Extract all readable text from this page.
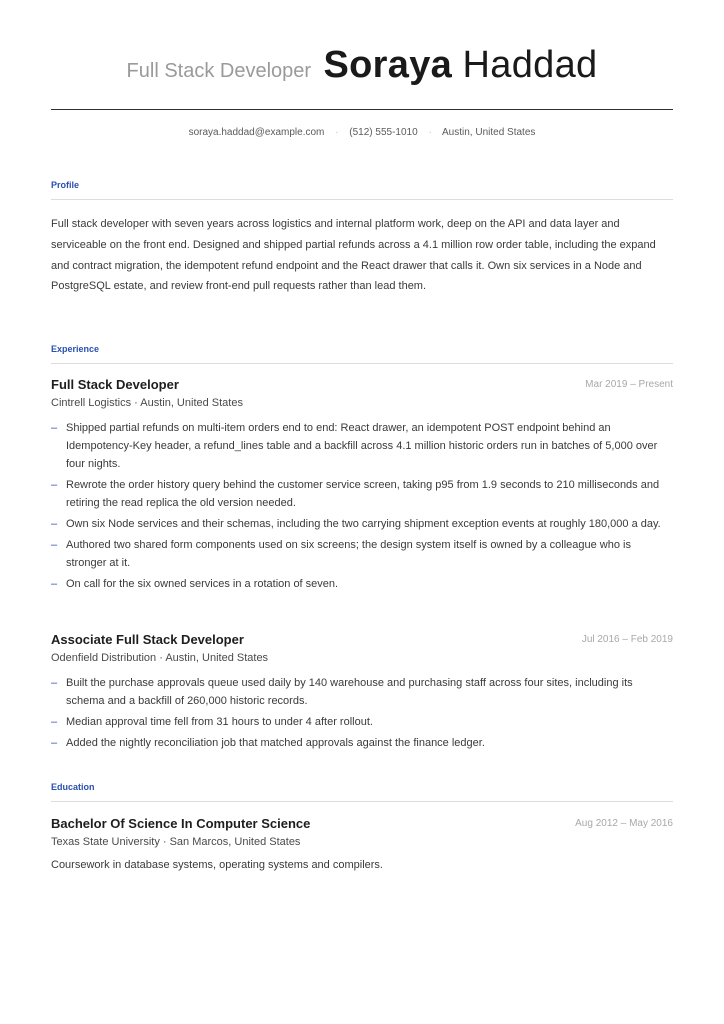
Full Stack Developer Soraya Haddad
soraya.haddad@example.com · (512) 555-1010 · Austin, United States
Profile
Full stack developer with seven years across logistics and internal platform work, deep on the API and data layer and serviceable on the front end. Designed and shipped partial refunds across a 4.1 million row order table, including the expand and contract migration, the idempotent refund endpoint and the React drawer that calls it. Own six services in a Node and PostgreSQL estate, and review front-end pull requests rather than lead them.
Experience
Full Stack Developer	Mar 2019 – Present
Cintrell Logistics · Austin, United States
– Shipped partial refunds on multi-item orders end to end: React drawer, an idempotent POST endpoint behind an Idempotency-Key header, a refund_lines table and a backfill across 4.1 million historic orders run in batches of 5,000 over four nights.
– Rewrote the order history query behind the customer service screen, taking p95 from 1.9 seconds to 210 milliseconds and retiring the read replica the old version needed.
– Own six Node services and their schemas, including the two carrying shipment exception events at roughly 180,000 a day.
– Authored two shared form components used on six screens; the design system itself is owned by a colleague who is stronger at it.
– On call for the six owned services in a rotation of seven.
Associate Full Stack Developer	Jul 2016 – Feb 2019
Odenfield Distribution · Austin, United States
– Built the purchase approvals queue used daily by 140 warehouse and purchasing staff across four sites, including its schema and a backfill of 260,000 historic records.
– Median approval time fell from 31 hours to under 4 after rollout.
– Added the nightly reconciliation job that matched approvals against the finance ledger.
Education
Bachelor Of Science In Computer Science	Aug 2012 – May 2016
Texas State University · San Marcos, United States
Coursework in database systems, operating systems and compilers.
